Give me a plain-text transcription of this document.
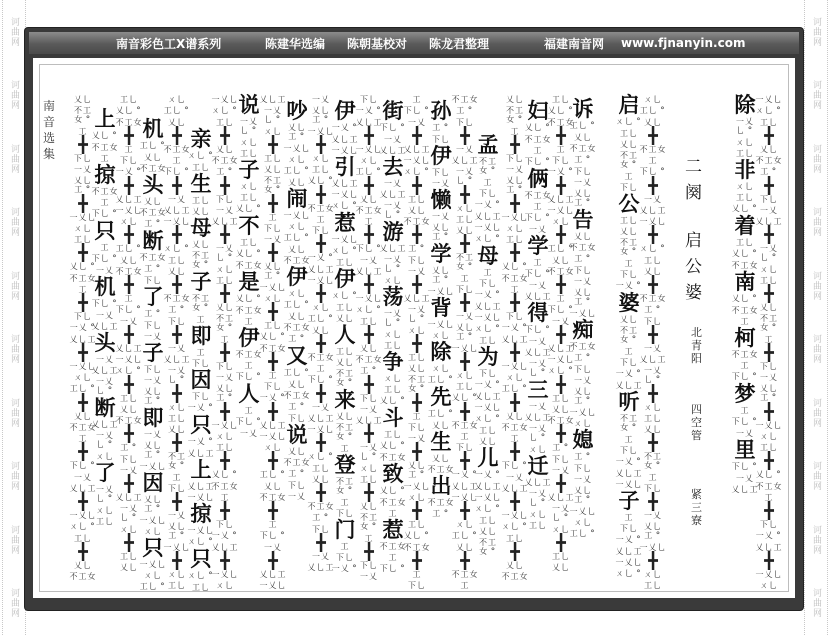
诃曲网
诃曲网
诃曲网
诃曲网
诃曲网
诃曲网
诃曲网
诃曲网
诃曲网
诃曲网
诃曲网
诃曲网
诃曲网
诃曲网
诃曲网
诃曲网
诃曲网
诃曲网
诃曲网
诃曲网
南音彩色工X谱系列	陈建华选编 陈朝基校对 陈龙君整理	福建南音网 www.fjnanyin.com
南
音
选
集
二
阕
启
公
婆
北
青
阳
四
空
管
紧
三
寮
除
一乂乚 °
ㄨ乚
工乚
非
ㄨ乚
工乚
乂乚 °
着
工乚
乂乚 °
不工女
南
乂乚 °
不工女
工
柯
不工女
工
下乚 °
梦
工
下乚 °
一乂
里
下乚 °
一乂
乂乚工
启
ㄨ乚 °
工乚
乂乚
不工女 °
工
下乚
公
工乚
乂乚
不工女 °
工
下乚
一乂 °
婆
乂乚
不工女 °
工
下乚
一乂 °
乂乚工
听
不工女 °
工
下乚
一乂 °
乂乚工
一乂乚
子
工
下乚
一乂 °
乂乚工
一乂乚
ㄨ乚 °
诉
工乚 °
乂乚
不工女
工 °
下乚
一乂
乂乚工 °
告
乂乚
不工女
工 °
下乚
一乂
乂乚工 °
一乂乚
痴
不工女
工 °
下乚
一乂
乂乚工 °
一乂乚
ㄨ乚
媳
工 °
下乚
一乂
乂乚工 °
一乂乚
ㄨ乚
工乚 °
妇
乂乚 °
不工女
工
下乚 °
俩
不工女
工
下乚 °
一乂
学
工
下乚 °
一乂
乂乚工
得
下乚 °
一乂
乂乚工
一乂乚 °
三
一乂
乂乚工
一乂乚 °
ㄨ乚
迁
乂乚工
一乂乚 °
ㄨ乚
工乚
孟
不工女 °
工
下乚
一乂 °
乂乚工
一乂乚
ㄨ乚 °
母
工
下乚
一乂 °
乂乚工
一乂乚
ㄨ乚 °
工乚
为
下乚
一乂 °
乂乚工
一乂乚
ㄨ乚 °
工乚
乂乚
儿
一乂 °
乂乚工
一乂乚
ㄨ乚 °
工乚
乂乚
不工女 °
孙
工 °
下乚
伊
下乚
一乂
懒
一乂
乂乚工 °
学
乂乚工 °
一乂乚
背
一乂乚
ㄨ乚
除
ㄨ乚
工乚 °
先
工乚 °
乂乚
生
乂乚
不工女
出
不工女
工 °
街
下乚 °
一乂
乂乚工
去
一乂
乂乚工
一乂乚 °
游
乂乚工
一乂乚 °
ㄨ乚
荡
一乂乚 °
ㄨ乚
工乚
争
ㄨ乚
工乚
乂乚 °
斗
工乚
乂乚 °
不工女
致
乂乚 °
不工女
工
惹
不工女
工
下乚 °
伊
一乂 °
乂乚工
一乂乚
引
乂乚工
一乂乚
ㄨ乚 °
惹
一乂乚
ㄨ乚 °
工乚
伊
ㄨ乚 °
工乚
乂乚
人
工乚
乂乚
不工女 °
来
乂乚
不工女 °
工
登
不工女 °
工
下乚
门
工
下乚
一乂 °
吵
乂乚工 °
一乂乚
ㄨ乚
工乚 °
乂乚
闹
一乂乚
ㄨ乚
工乚 °
乂乚
不工女
伊
ㄨ乚
工乚 °
乂乚
不工女
工 °
又
工乚 °
乂乚
不工女
工 °
下乚
说
乂乚
不工女
工 °
下乚
一乂
说
一乂乚 °
ㄨ乚
工乚
子
ㄨ乚
工乚
乂乚 °
不
工乚
乂乚 °
不工女
是
乂乚 °
不工女
工
伊
不工女
工
下乚 °
人
工
下乚 °
一乂
亲
ㄨ乚 °
工乚
生
工乚
乂乚
母
乂乚
不工女 °
子
不工女 °
工
即
工
下乚
因
下乚
一乂 °
只
一乂 °
乂乚工
上
乂乚工
一乂乚
掠
一乂乚
ㄨ乚 °
只
ㄨ乚 °
工乚
机
工乚 °
乂乚
不工女
头
乂乚
不工女
工 °
断
不工女
工 °
下乚
了
工 °
下乚
一乂
子
下乚
一乂
乂乚工 °
即
一乂
乂乚工 °
一乂乚
因
乂乚工 °
一乂乚
ㄨ乚
只
一乂乚
ㄨ乚
工乚 °
上
乂乚 °
不工女
工
掠
不工女
工
下乚 °
只
工
下乚 °
一乂
机
下乚 °
一乂
乂乚工
头
一乂
乂乚工
一乂乚 °
断
乂乚工
一乂乚 °
ㄨ乚
了
一乂乚 °
ㄨ乚
工乚
一乂乚
ㄨ乚 °
工乚
╋
乂乚
不工女
工 °
╋
下乚
一乂
乂乚工
╋
一乂乚 °
ㄨ乚
工乚
╋
乂乚
不工女 °
工
╋
下乚
一乂
乂乚工 °
╋
一乂乚
ㄨ乚
工乚
╋
乂乚 °
不工女
工
╋
下乚
一乂 °
乂乚工
╋
一乂乚
ㄨ乚
ㄨ乚
工乚 °
乂乚
╋
不工女
工
下乚 °
╋
一乂
乂乚工
一乂乚
╋
ㄨ乚 °
工乚
乂乚
╋
不工女
工 °
下乚
╋
一乂
乂乚工
一乂乚 °
╋
ㄨ乚
工乚
乂乚
╋
不工女 °
工
下乚
╋
一乂
乂乚工 °
一乂乚
╋
ㄨ乚
工乚
工乚
乂乚 °
不工女
╋
工
下乚
一乂 °
╋
乂乚工
一乂乚
ㄨ乚
╋
工乚 °
乂乚
不工女
╋
工
下乚 °
一乂
╋
乂乚工
一乂乚
ㄨ乚 °
╋
工乚
乂乚
不工女
╋
工 °
下乚
一乂
╋
乂乚工
一乂乚 °
ㄨ乚
╋
工乚
乂乚
乂乚
不工女 °
工
╋
下乚
一乂
乂乚工 °
╋
一乂乚
ㄨ乚
工乚
╋
乂乚 °
不工女
工
╋
下乚
一乂 °
乂乚工
╋
一乂乚
ㄨ乚
工乚 °
╋
乂乚
不工女
工
╋
下乚 °
一乂
乂乚工
╋
一乂乚
ㄨ乚 °
工乚
╋
乂乚
不工女
不工女
工 °
下乚
╋
一乂
乂乚工
一乂乚 °
╋
ㄨ乚
工乚
乂乚
╋
不工女 °
工
下乚
╋
一乂
乂乚工 °
一乂乚
╋
ㄨ乚
工乚
乂乚 °
╋
不工女
工
下乚
╋
一乂 °
乂乚工
一乂乚
╋
ㄨ乚
工乚 °
乂乚
╋
不工女
工
工
下乚 °
一乂
╋
乂乚工
一乂乚
ㄨ乚 °
╋
工乚
乂乚
不工女
╋
工 °
下乚
一乂
╋
乂乚工
一乂乚 °
ㄨ乚
╋
工乚
乂乚
不工女 °
╋
工
下乚
一乂
╋
乂乚工 °
一乂乚
ㄨ乚
╋
工乚
乂乚 °
不工女
╋
工
下乚
下乚
一乂 °
乂乚工
╋
一乂乚
ㄨ乚
工乚 °
╋
乂乚
不工女
工
╋
下乚 °
一乂
乂乚工
╋
一乂乚
ㄨ乚 °
工乚
╋
乂乚
不工女
工 °
╋
下乚
一乂
乂乚工
╋
一乂乚 °
ㄨ乚
工乚
╋
乂乚
不工女 °
工
╋
下乚
一乂
一乂
乂乚工 °
一乂乚
╋
ㄨ乚
工乚
乂乚 °
╋
不工女
工
下乚
╋
一乂 °
乂乚工
一乂乚
╋
ㄨ乚
工乚 °
乂乚
╋
不工女
工
下乚 °
╋
一乂
乂乚工
一乂乚
╋
ㄨ乚 °
工乚
乂乚
╋
不工女
工 °
下乚
╋
一乂
乂乚工
乂乚工
一乂乚 °
ㄨ乚
╋
工乚
乂乚
不工女 °
╋
工
下乚
一乂
╋
乂乚工 °
一乂乚
ㄨ乚
╋
工乚
乂乚 °
不工女
╋
工
下乚
一乂 °
╋
乂乚工
一乂乚
ㄨ乚
╋
工乚 °
乂乚
不工女
╋
工
下乚 °
一乂
╋
乂乚工
一乂乚
一乂乚
ㄨ乚 °
工乚
╋
乂乚
不工女
工 °
╋
下乚
一乂
乂乚工
╋
一乂乚 °
ㄨ乚
工乚
╋
乂乚
不工女 °
工
╋
下乚
一乂
乂乚工 °
╋
一乂乚
ㄨ乚
工乚
╋
乂乚 °
不工女
工
╋
下乚
一乂 °
乂乚工
╋
一乂乚
ㄨ乚
ㄨ乚
工乚 °
乂乚
╋
不工女
工
下乚 °
╋
一乂
乂乚工
一乂乚
╋
ㄨ乚 °
工乚
乂乚
╋
不工女
工 °
下乚
╋
一乂
乂乚工
一乂乚 °
╋
ㄨ乚
工乚
乂乚
╋
不工女 °
工
下乚
╋
一乂
乂乚工 °
一乂乚
╋
ㄨ乚
工乚
工乚
乂乚 °
不工女
╋
工
下乚
一乂 °
╋
乂乚工
一乂乚
ㄨ乚
╋
工乚 °
乂乚
不工女
╋
工
下乚 °
一乂
╋
乂乚工
一乂乚
ㄨ乚 °
╋
工乚
乂乚
不工女
╋
工 °
下乚
一乂
╋
乂乚工
一乂乚 °
ㄨ乚
╋
工乚
乂乚
乂乚
不工女 °
工
╋
下乚
一乂
乂乚工 °
╋
一乂乚
ㄨ乚
工乚
╋
乂乚 °
不工女
工
╋
下乚
一乂 °
乂乚工
╋
一乂乚
ㄨ乚
工乚 °
╋
乂乚
不工女
工
╋
下乚 °
一乂
乂乚工
╋
一乂乚
ㄨ乚 °
工乚
╋
乂乚
不工女
